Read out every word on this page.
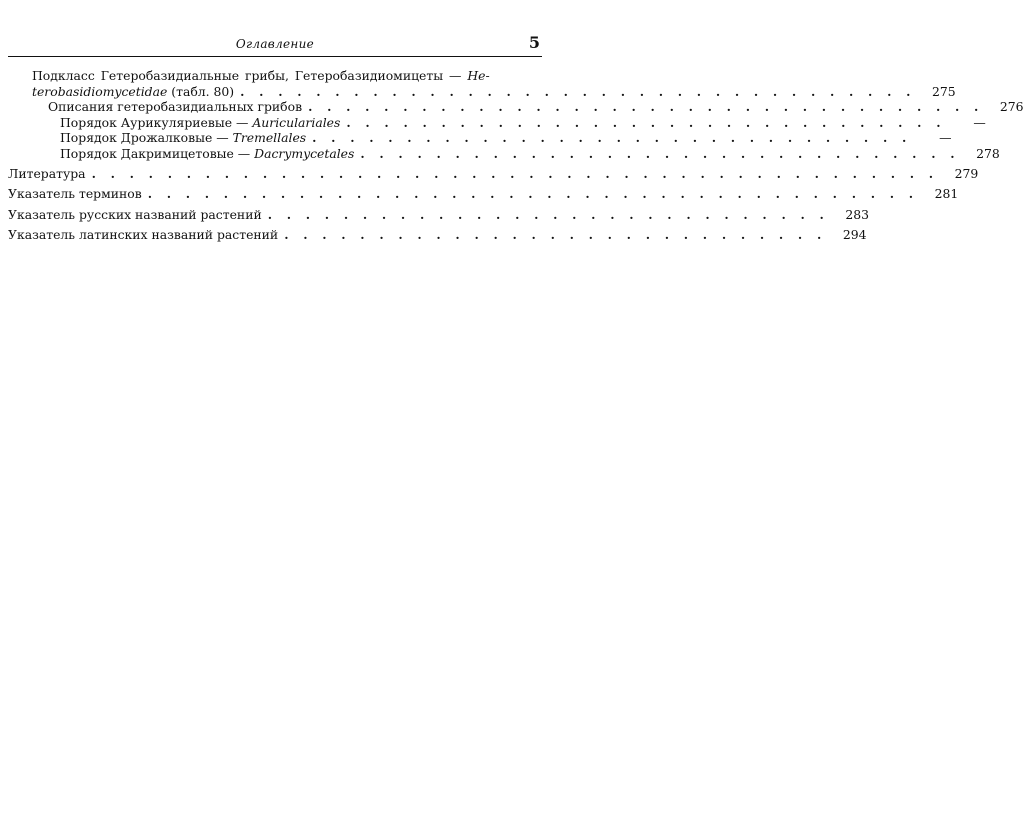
Оглавление	5
Подкласс Гетеробазидиальные грибы, Гетеробазидиомицеты — He-
terobasidiomycetidae (табл. 80) . . . . . . . . . . . . . . . . . . . . . . . . . . . . . . . . . . . .	275
Описания гетеробазидиальных грибов . . . . . . . . . . . . . . . . . . . . . . . . . . . . . . . . . . . .	276
Порядок Аурикуляриевые — Auriculariales . . . . . . . . . . . . . . . . . . . . . . . . . . . . . . . .	—
Порядок Дрожалковые — Tremellales . . . . . . . . . . . . . . . . . . . . . . . . . . . . . . . .	—
Порядок Дакримицетовые — Dacrymycetales . . . . . . . . . . . . . . . . . . . . . . . . . . . . . . . .	278
Литература . . . . . . . . . . . . . . . . . . . . . . . . . . . . . . . . . . . . . . . . . . . . .	279
Указатель терминов . . . . . . . . . . . . . . . . . . . . . . . . . . . . . . . . . . . . . . . . .	281
Указатель русских названий растений . . . . . . . . . . . . . . . . . . . . . . . . . . . . . .	283
Указатель латинских названий растений . . . . . . . . . . . . . . . . . . . . . . . . . . . . .	294
